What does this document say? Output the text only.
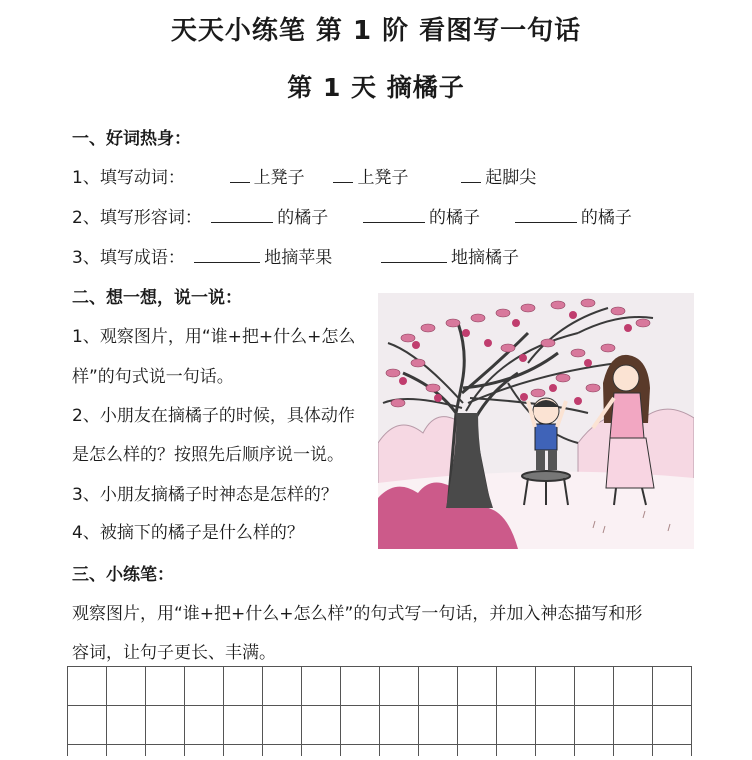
天天小练笔 第 1 阶 看图写一句话
第 1 天 摘橘子
一、好词热身：
1、填写动词：	上凳子	上凳子	起脚尖
2、填写形容词：	的橘子	的橘子	的橘子
3、填写成语：	地摘苹果	地摘橘子
二、想一想，说一说：
1、观察图片，用“谁+把+什么+怎么
样”的句式说一句话。
2、小朋友在摘橘子的时候，具体动作
是怎么样的？按照先后顺序说一说。
3、小朋友摘橘子时神态是怎样的？
4、被摘下的橘子是什么样的？
三、小练笔：
观察图片，用“谁+把+什么+怎么样”的句式写一句话，并加入神态描写和形
容词，让句子更长、丰满。
